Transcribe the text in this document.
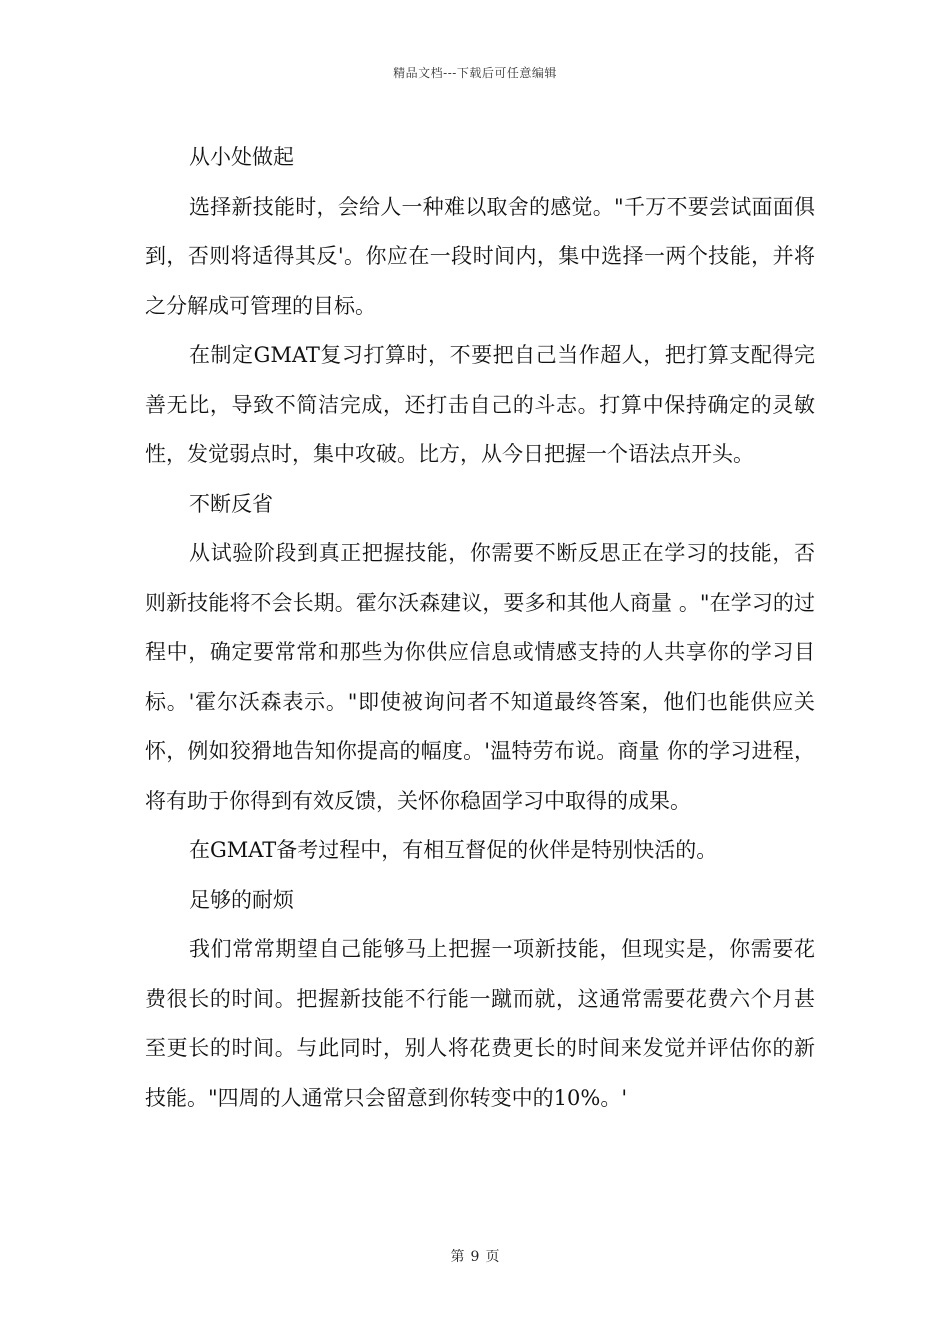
精品文档---下载后可任意编辑

从小处做起

选择新技能时，会给人一种难以取舍的感觉。"千万不要尝试面面俱到，否则将适得其反'。你应在一段时间内，集中选择一两个技能，并将之分解成可管理的目标。

在制定GMAT复习打算时，不要把自己当作超人，把打算支配得完善无比，导致不简洁完成，还打击自己的斗志。打算中保持确定的灵敏性，发觉弱点时，集中攻破。比方，从今日把握一个语法点开头。

不断反省

从试验阶段到真正把握技能，你需要不断反思正在学习的技能，否则新技能将不会长期。霍尔沃森建议，要多和其他人商量 。"在学习的过程中，确定要常常和那些为你供应信息或情感支持的人共享你的学习目标。'霍尔沃森表示。"即使被询问者不知道最终答案，他们也能供应关怀，例如狡猾地告知你提高的幅度。'温特劳布说。商量 你的学习进程，将有助于你得到有效反馈，关怀你稳固学习中取得的成果。

在GMAT备考过程中，有相互督促的伙伴是特别快活的。

足够的耐烦

我们常常期望自己能够马上把握一项新技能，但现实是，你需要花费很长的时间。把握新技能不行能一蹴而就，这通常需要花费六个月甚至更长的时间。与此同时，别人将花费更长的时间来发觉并评估你的新技能。"四周的人通常只会留意到你转变中的10%。'

第 9 页
